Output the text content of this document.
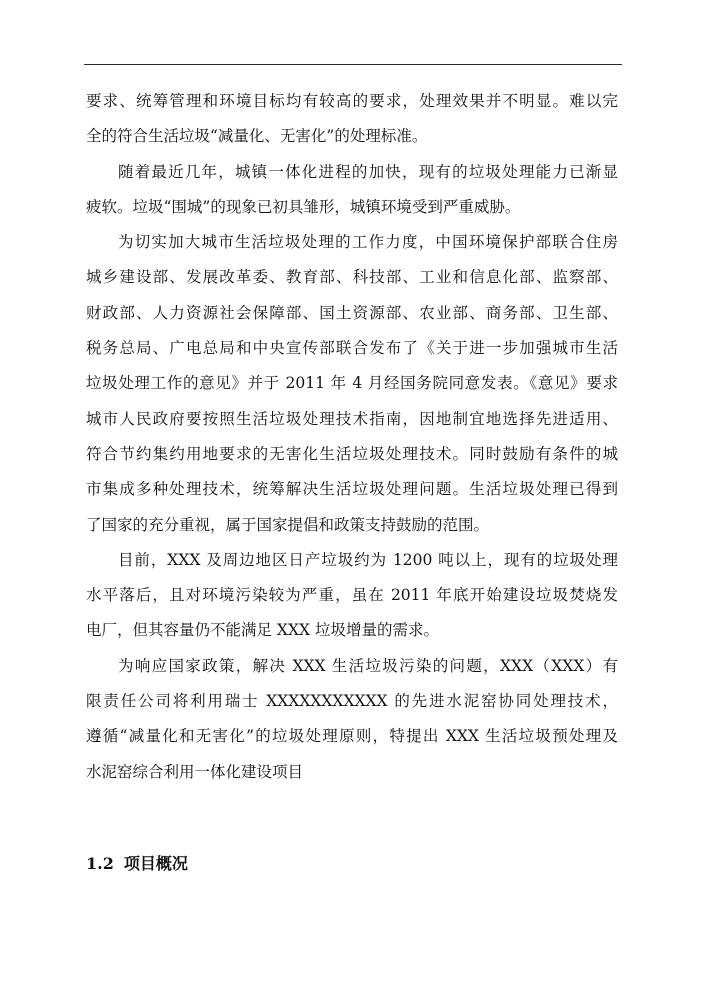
要求、统筹管理和环境目标均有较高的要求，处理效果并不明显。难以完
全的符合生活垃圾“减量化、无害化”的处理标准。
随着最近几年，城镇一体化进程的加快，现有的垃圾处理能力已渐显
疲软。垃圾“围城”的现象已初具雏形，城镇环境受到严重威胁。
为切实加大城市生活垃圾处理的工作力度，中国环境保护部联合住房
城乡建设部、发展改革委、教育部、科技部、工业和信息化部、监察部、
财政部、人力资源社会保障部、国土资源部、农业部、商务部、卫生部、
税务总局、广电总局和中央宣传部联合发布了《关于进一步加强城市生活
垃圾处理工作的意见》并于 2011 年 4 月经国务院同意发表。《意见》要求
城市人民政府要按照生活垃圾处理技术指南，因地制宜地选择先进适用、
符合节约集约用地要求的无害化生活垃圾处理技术。同时鼓励有条件的城
市集成多种处理技术，统筹解决生活垃圾处理问题。生活垃圾处理已得到
了国家的充分重视，属于国家提倡和政策支持鼓励的范围。
目前，XXX 及周边地区日产垃圾约为 1200 吨以上，现有的垃圾处理
水平落后，且对环境污染较为严重，虽在 2011 年底开始建设垃圾焚烧发
电厂，但其容量仍不能满足 XXX 垃圾增量的需求。
为响应国家政策，解决 XXX 生活垃圾污染的问题，XXX（XXX）有
限责任公司将利用瑞士 XXXXXXXXXXX 的先进水泥窑协同处理技术，
遵循“减量化和无害化”的垃圾处理原则，特提出 XXX 生活垃圾预处理及
水泥窑综合利用一体化建设项目
1.2 项目概况
